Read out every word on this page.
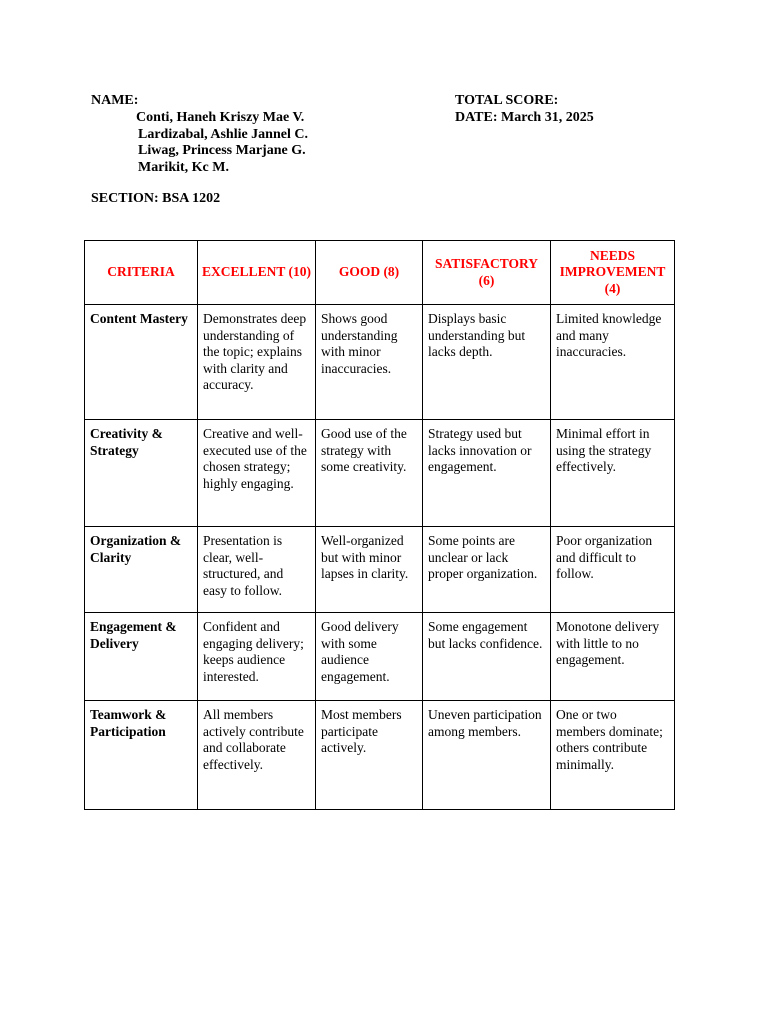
NAME:
Conti, Haneh Kriszy Mae V.
Lardizabal, Ashlie Jannel C.
Liwag, Princess Marjane G.
Marikit, Kc M.
TOTAL SCORE:
DATE: March 31, 2025
SECTION: BSA 1202
CRITERIA	EXCELLENT (10)	GOOD (8)	SATISFACTORY (6)	NEEDS IMPROVEMENT (4)
Content Mastery	Demonstrates deep understanding of the topic; explains with clarity and accuracy.	Shows good understanding with minor inaccuracies.	Displays basic understanding but lacks depth.	Limited knowledge and many inaccuracies.
Creativity & Strategy	Creative and well-executed use of the chosen strategy; highly engaging.	Good use of the strategy with some creativity.	Strategy used but lacks innovation or engagement.	Minimal effort in using the strategy effectively.
Organization & Clarity	Presentation is clear, well-structured, and easy to follow.	Well-organized but with minor lapses in clarity.	Some points are unclear or lack proper organization.	Poor organization and difficult to follow.
Engagement & Delivery	Confident and engaging delivery; keeps audience interested.	Good delivery with some audience engagement.	Some engagement but lacks confidence.	Monotone delivery with little to no engagement.
Teamwork & Participation	All members actively contribute and collaborate effectively.	Most members participate actively.	Uneven participation among members.	One or two members dominate; others contribute minimally.
